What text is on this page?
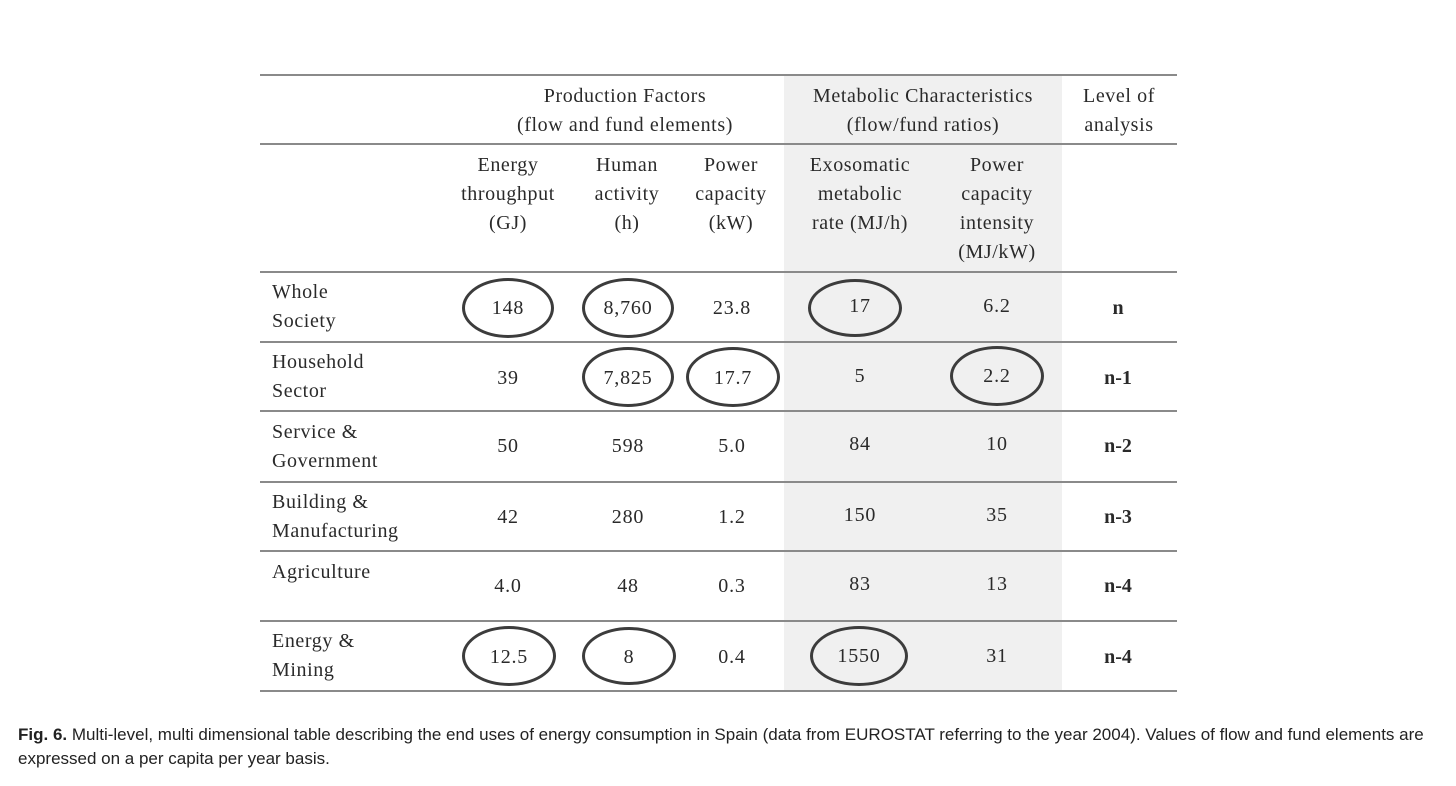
Production Factors
(flow and fund elements)
Metabolic Characteristics
(flow/fund ratios)
Level of
analysis
Energy
throughput
(GJ)
Human
activity
(h)
Power
capacity
(kW)
Exosomatic
metabolic
rate (MJ/h)
Power
capacity
intensity
(MJ/kW)
Whole
Society
148	8,760	23.8	17	6.2	n
Household
Sector
39	7,825	17.7	5	2.2	n-1
Service &
Government
50	598	5.0	84	10	n-2
Building &
Manufacturing
42	280	1.2	150	35	n-3
Agriculture
4.0	48	0.3	83	13	n-4
Energy &
Mining
12.5	8	0.4	1550	31	n-4
Fig. 6. Multi-level, multi dimensional table describing the end uses of energy consumption in Spain (data from EUROSTAT referring to the year 2004). Values of flow and fund elements are expressed on a per capita per year basis.
